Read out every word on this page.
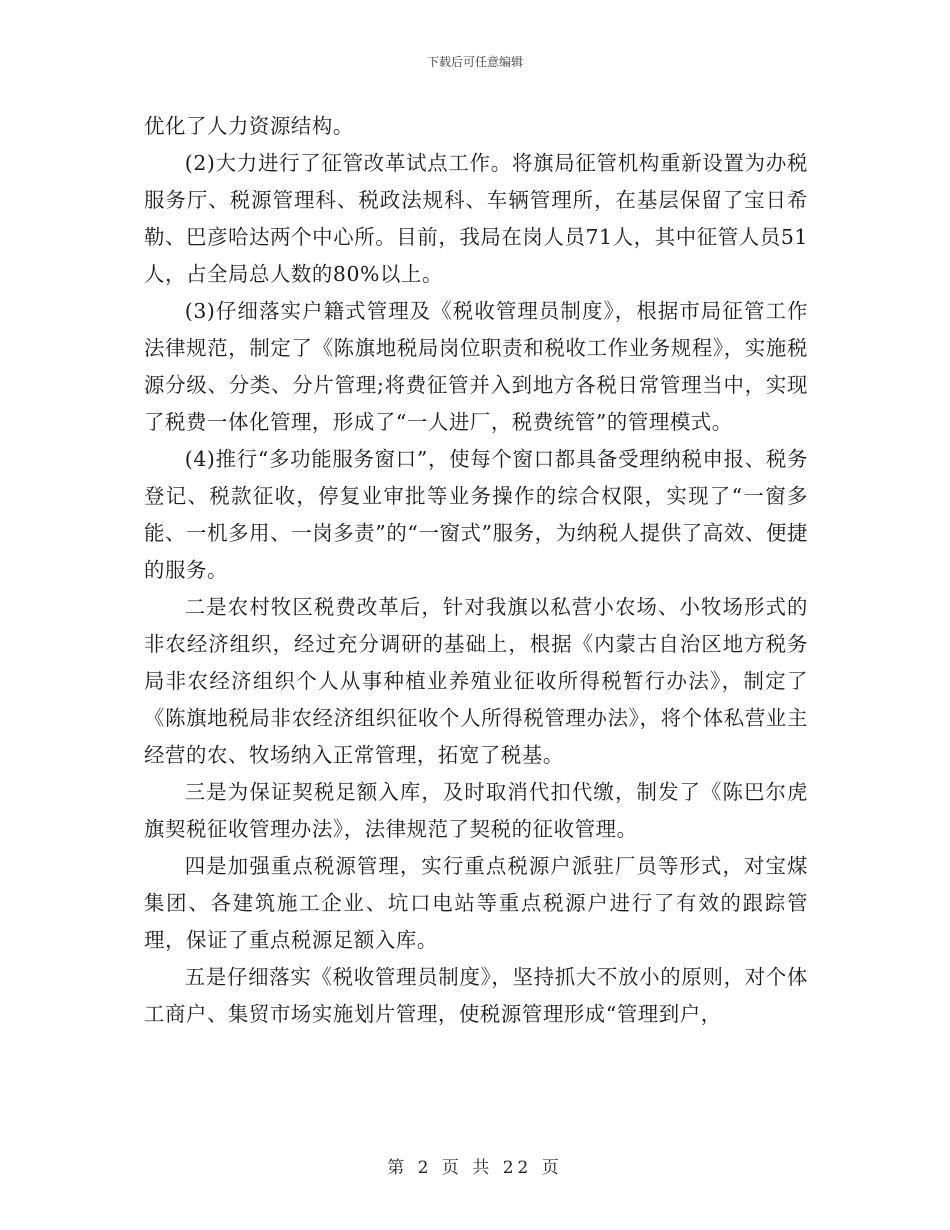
下载后可任意编辑

优化了人力资源结构。

(2)大力进行了征管改革试点工作。将旗局征管机构重新设置为办税服务厅、税源管理科、税政法规科、车辆管理所，在基层保留了宝日希勒、巴彦哈达两个中心所。目前，我局在岗人员71人，其中征管人员51人，占全局总人数的80%以上。

(3)仔细落实户籍式管理及《税收管理员制度》，根据市局征管工作法律规范，制定了《陈旗地税局岗位职责和税收工作业务规程》，实施税源分级、分类、分片管理;将费征管并入到地方各税日常管理当中，实现了税费一体化管理，形成了“一人进厂，税费统管”的管理模式。

(4)推行“多功能服务窗口”，使每个窗口都具备受理纳税申报、税务登记、税款征收，停复业审批等业务操作的综合权限，实现了“一窗多能、一机多用、一岗多责”的“一窗式”服务，为纳税人提供了高效、便捷的服务。

二是农村牧区税费改革后，针对我旗以私营小农场、小牧场形式的非农经济组织，经过充分调研的基础上，根据《内蒙古自治区地方税务局非农经济组织个人从事种植业养殖业征收所得税暂行办法》，制定了《陈旗地税局非农经济组织征收个人所得税管理办法》，将个体私营业主经营的农、牧场纳入正常管理，拓宽了税基。

三是为保证契税足额入库，及时取消代扣代缴，制发了《陈巴尔虎旗契税征收管理办法》，法律规范了契税的征收管理。

四是加强重点税源管理，实行重点税源户派驻厂员等形式，对宝煤集团、各建筑施工企业、坑口电站等重点税源户进行了有效的跟踪管理，保证了重点税源足额入库。

五是仔细落实《税收管理员制度》，坚持抓大不放小的原则，对个体工商户、集贸市场实施划片管理，使税源管理形成“管理到户，

第 2 页 共 22 页
